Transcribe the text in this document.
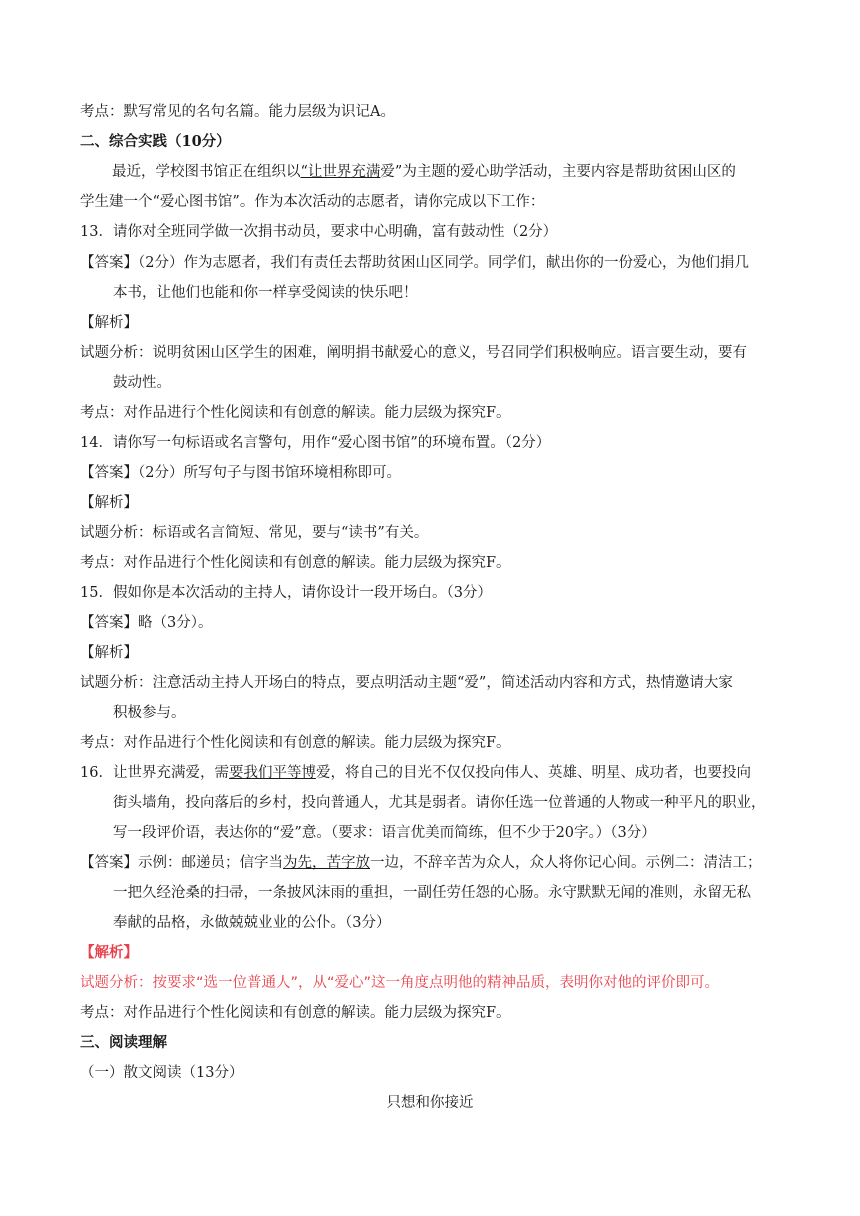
考点：默写常见的名句名篇。能力层级为识记A。
二、综合实践（10分）
最近，学校图书馆正在组织以“让世界充满爱”为主题的爱心助学活动，主要内容是帮助贫困山区的
学生建一个“爱心图书馆”。作为本次活动的志愿者，请你完成以下工作：
13．请你对全班同学做一次捐书动员，要求中心明确，富有鼓动性（2分）
【答案】（2分）作为志愿者，我们有责任去帮助贫困山区同学。同学们，献出你的一份爱心，为他们捐几
本书，让他们也能和你一样享受阅读的快乐吧！
【解析】
试题分析：说明贫困山区学生的困难，阐明捐书献爱心的意义，号召同学们积极响应。语言要生动，要有
鼓动性。
考点：对作品进行个性化阅读和有创意的解读。能力层级为探究F。
14．请你写一句标语或名言警句，用作“爱心图书馆”的环境布置。（2分）
【答案】（2分）所写句子与图书馆环境相称即可。
【解析】
试题分析：标语或名言简短、常见，要与“读书”有关。
考点：对作品进行个性化阅读和有创意的解读。能力层级为探究F。
15．假如你是本次活动的主持人，请你设计一段开场白。（3分）
【答案】略（3分）。
【解析】
试题分析：注意活动主持人开场白的特点，要点明活动主题“爱”，简述活动内容和方式，热情邀请大家
积极参与。
考点：对作品进行个性化阅读和有创意的解读。能力层级为探究F。
16．让世界充满爱，需要我们平等博爱，将自己的目光不仅仅投向伟人、英雄、明星、成功者，也要投向
街头墙角，投向落后的乡村，投向普通人，尤其是弱者。请你任选一位普通的人物或一种平凡的职业，
写一段评价语，表达你的“爱”意。（要求：语言优美而简练，但不少于20字。）（3分）
【答案】示例：邮递员；信字当为先，苦字放一边，不辞辛苦为众人，众人将你记心间。示例二：清洁工；
一把久经沧桑的扫帚，一条披风沫雨的重担，一副任劳任怨的心肠。永守默默无闻的准则，永留无私
奉献的品格，永做兢兢业业的公仆。（3分）
【解析】
试题分析：按要求“选一位普通人”，从“爱心”这一角度点明他的精神品质，表明你对他的评价即可。
考点：对作品进行个性化阅读和有创意的解读。能力层级为探究F。
三、阅读理解
（一）散文阅读（13分）
只想和你接近
